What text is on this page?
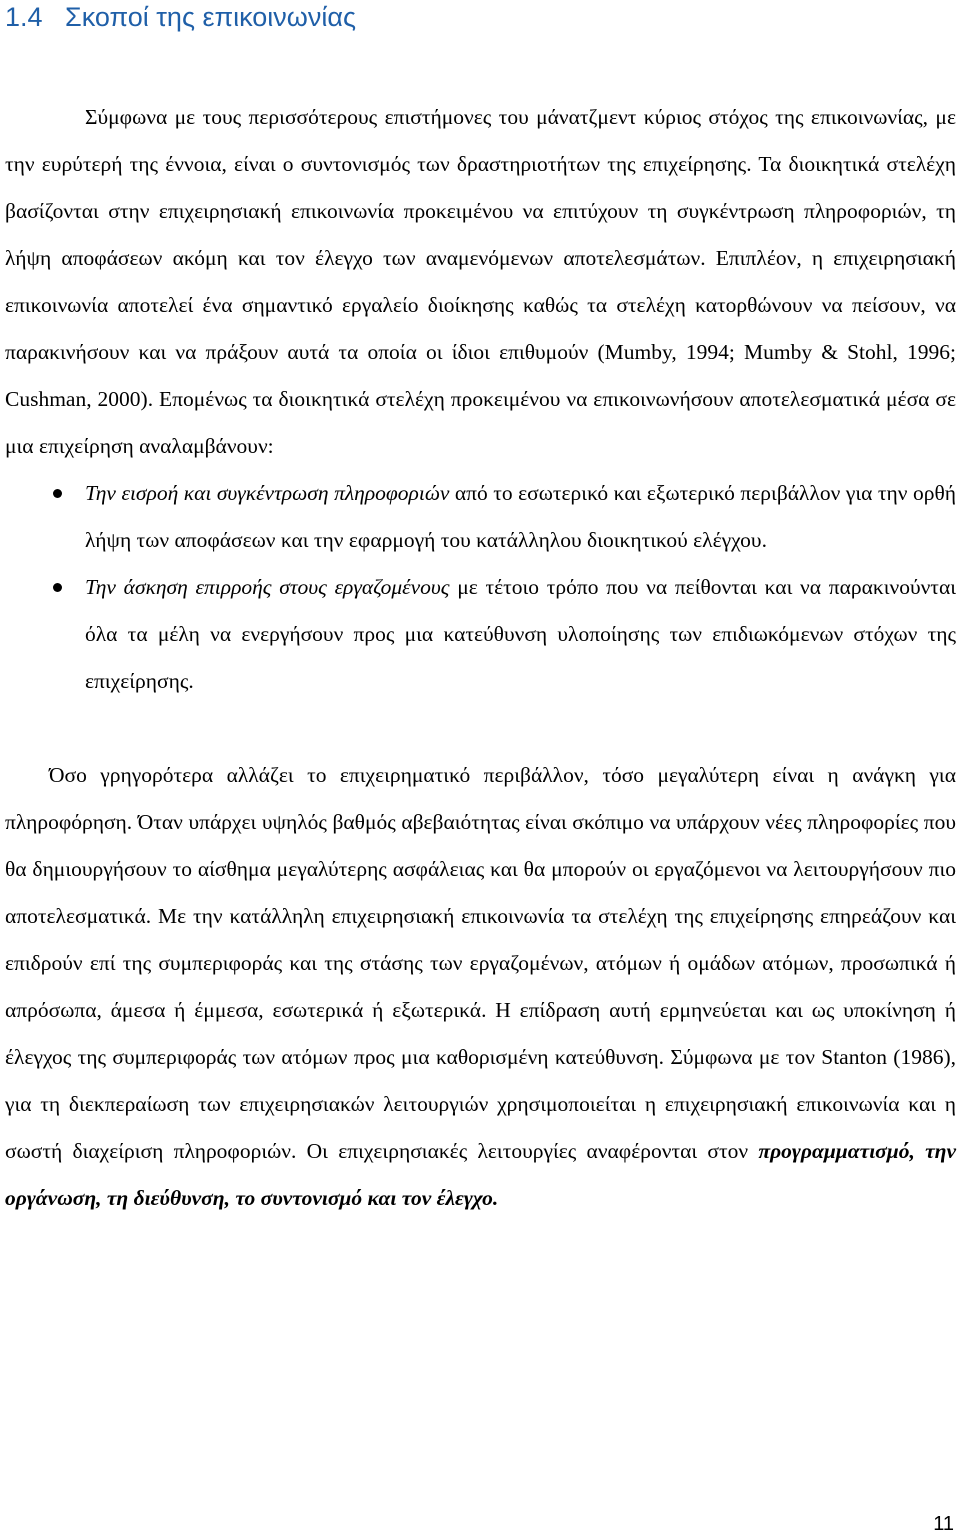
1.4 Σκοποί της επικοινωνίας

Σύμφωνα με τους περισσότερους επιστήμονες του μάνατζμεντ κύριος στόχος της επικοινωνίας, με την ευρύτερή της έννοια, είναι ο συντονισμός των δραστηριοτήτων της επιχείρησης. Τα διοικητικά στελέχη βασίζονται στην επιχειρησιακή επικοινωνία προκειμένου να επιτύχουν τη συγκέντρωση πληροφοριών, τη λήψη αποφάσεων ακόμη και τον έλεγχο των αναμενόμενων αποτελεσμάτων. Επιπλέον, η επιχειρησιακή επικοινωνία αποτελεί ένα σημαντικό εργαλείο διοίκησης καθώς τα στελέχη κατορθώνουν να πείσουν, να παρακινήσουν και να πράξουν αυτά τα οποία οι ίδιοι επιθυμούν (Mumby, 1994; Mumby & Stohl, 1996; Cushman, 2000). Επομένως τα διοικητικά στελέχη προκειμένου να επικοινωνήσουν αποτελεσματικά μέσα σε μια επιχείρηση αναλαμβάνουν:

Την εισροή και συγκέντρωση πληροφοριών από το εσωτερικό και εξωτερικό περιβάλλον για την ορθή λήψη των αποφάσεων και την εφαρμογή του κατάλληλου διοικητικού ελέγχου.
Την άσκηση επιρροής στους εργαζομένους με τέτοιο τρόπο που να πείθονται και να παρακινούνται όλα τα μέλη να ενεργήσουν προς μια κατεύθυνση υλοποίησης των επιδιωκόμενων στόχων της επιχείρησης.

Όσο γρηγορότερα αλλάζει το επιχειρηματικό περιβάλλον, τόσο μεγαλύτερη είναι η ανάγκη για πληροφόρηση. Όταν υπάρχει υψηλός βαθμός αβεβαιότητας είναι σκόπιμο να υπάρχουν νέες πληροφορίες που θα δημιουργήσουν το αίσθημα μεγαλύτερης ασφάλειας και θα μπορούν οι εργαζόμενοι να λειτουργήσουν πιο αποτελεσματικά. Με την κατάλληλη επιχειρησιακή επικοινωνία τα στελέχη της επιχείρησης επηρεάζουν και επιδρούν επί της συμπεριφοράς και της στάσης των εργαζομένων, ατόμων ή ομάδων ατόμων, προσωπικά ή απρόσωπα, άμεσα ή έμμεσα, εσωτερικά ή εξωτερικά. Η επίδραση αυτή ερμηνεύεται και ως υποκίνηση ή έλεγχος της συμπεριφοράς των ατόμων προς μια καθορισμένη κατεύθυνση. Σύμφωνα με τον Stanton (1986), για τη διεκπεραίωση των επιχειρησιακών λειτουργιών χρησιμοποιείται η επιχειρησιακή επικοινωνία και η σωστή διαχείριση πληροφοριών. Οι επιχειρησιακές λειτουργίες αναφέρονται στον προγραμματισμό, την οργάνωση, τη διεύθυνση, το συντονισμό και τον έλεγχο.

11
